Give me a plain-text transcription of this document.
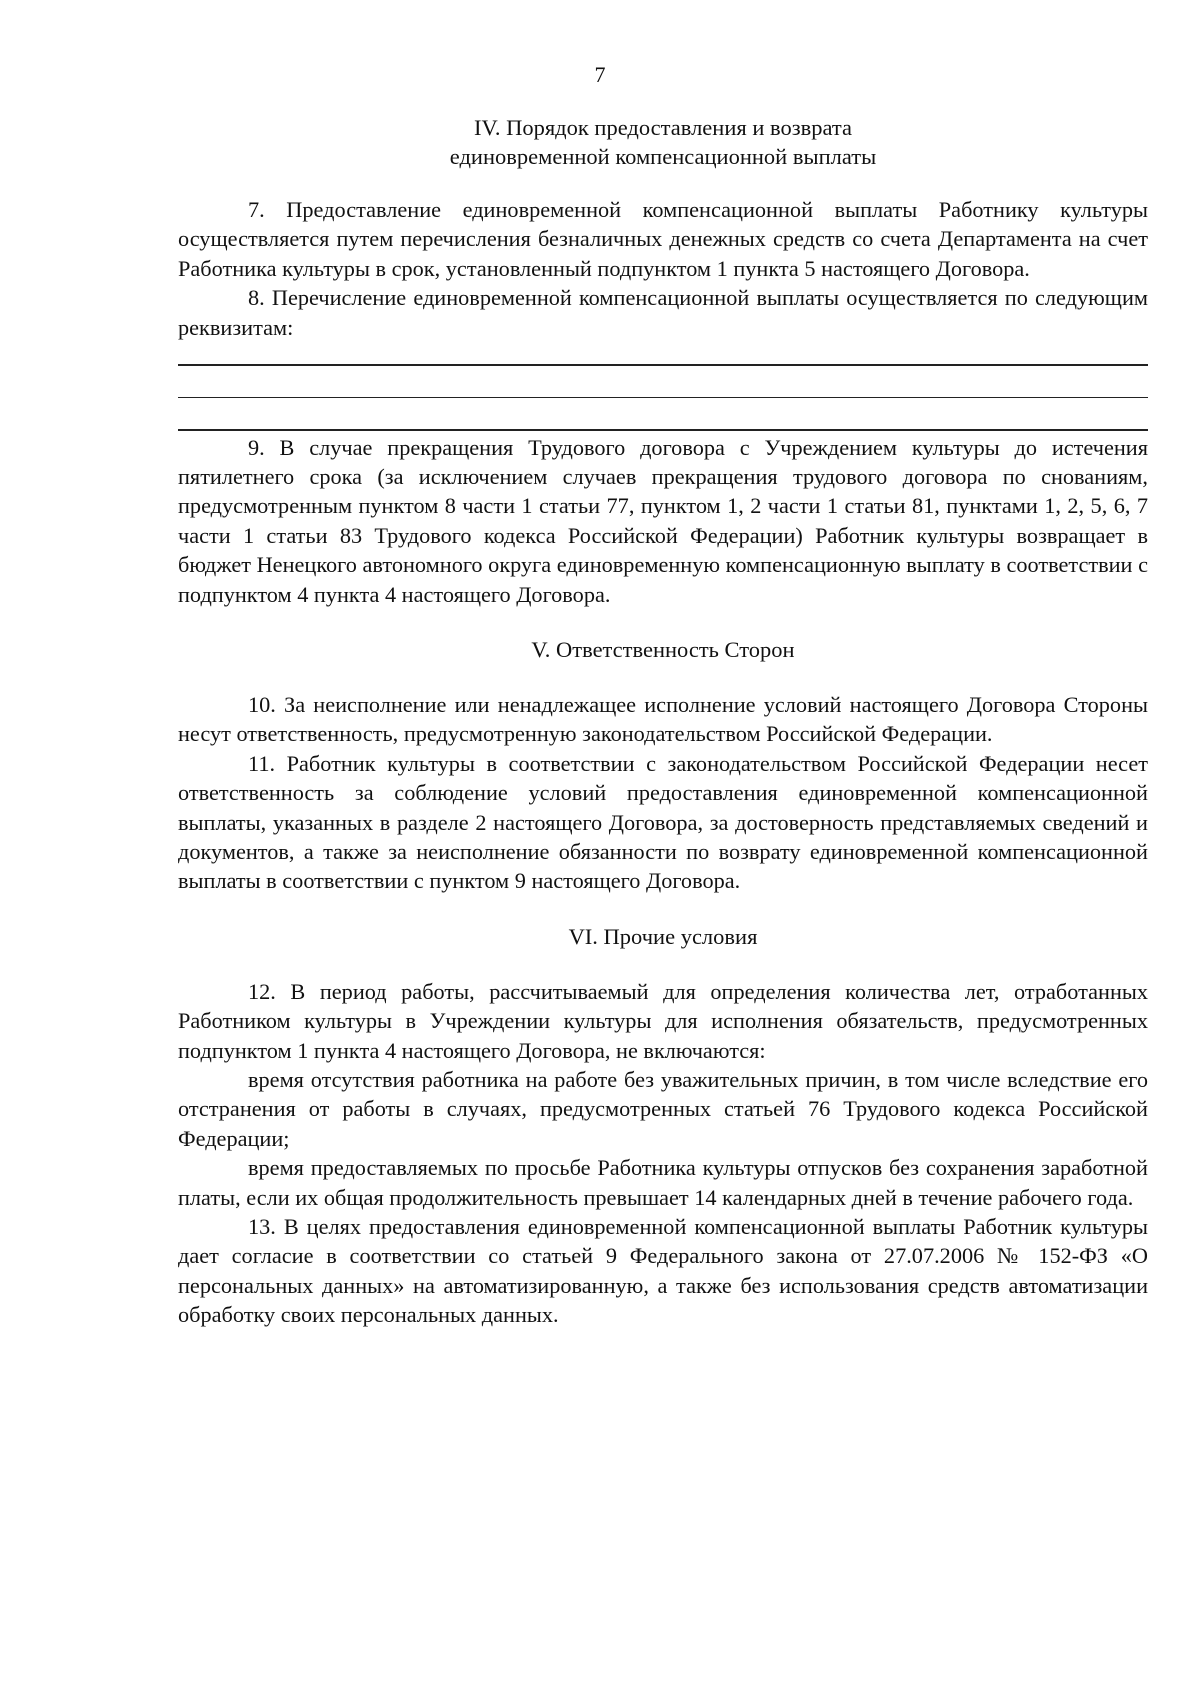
7
IV. Порядок предоставления и возврата
единовременной компенсационной выплаты

7. Предоставление единовременной компенсационной выплаты Работнику культуры осуществляется путем перечисления безналичных денежных средств со счета Департамента на счет Работника культуры в срок, установленный подпунктом 1 пункта 5 настоящего Договора.

8. Перечисление единовременной компенсационной выплаты осуществляется по следующим реквизитам:

9. В случае прекращения Трудового договора с Учреждением культуры до истечения пятилетнего срока (за исключением случаев прекращения трудового договора по снованиям, предусмотренным пунктом 8 части 1 статьи 77, пунктом 1, 2 части 1 статьи 81, пунктами 1, 2, 5, 6, 7 части 1 статьи 83 Трудового кодекса Российской Федерации) Работник культуры возвращает в бюджет Ненецкого автономного округа единовременную компенсационную выплату в соответствии с подпунктом 4 пункта 4 настоящего Договора.

V. Ответственность Сторон

10. За неисполнение или ненадлежащее исполнение условий настоящего Договора Стороны несут ответственность, предусмотренную законодательством Российской Федерации.

11. Работник культуры в соответствии с законодательством Российской Федерации несет ответственность за соблюдение условий предоставления единовременной компенсационной выплаты, указанных в разделе 2 настоящего Договора, за достоверность представляемых сведений и документов, а также за неисполнение обязанности по возврату единовременной компенсационной выплаты в соответствии с пунктом 9 настоящего Договора.

VI. Прочие условия

12. В период работы, рассчитываемый для определения количества лет, отработанных Работником культуры в Учреждении культуры для исполнения обязательств, предусмотренных подпунктом 1 пункта 4 настоящего Договора, не включаются:

время отсутствия работника на работе без уважительных причин, в том числе вследствие его отстранения от работы в случаях, предусмотренных статьей 76 Трудового кодекса Российской Федерации;

время предоставляемых по просьбе Работника культуры отпусков без сохранения заработной платы, если их общая продолжительность превышает 14 календарных дней в течение рабочего года.

13. В целях предоставления единовременной компенсационной выплаты Работник культуры дает согласие в соответствии со статьей 9 Федерального закона от 27.07.2006 № 152-ФЗ «О персональных данных» на автоматизированную, а также без использования средств автоматизации обработку своих персональных данных.
